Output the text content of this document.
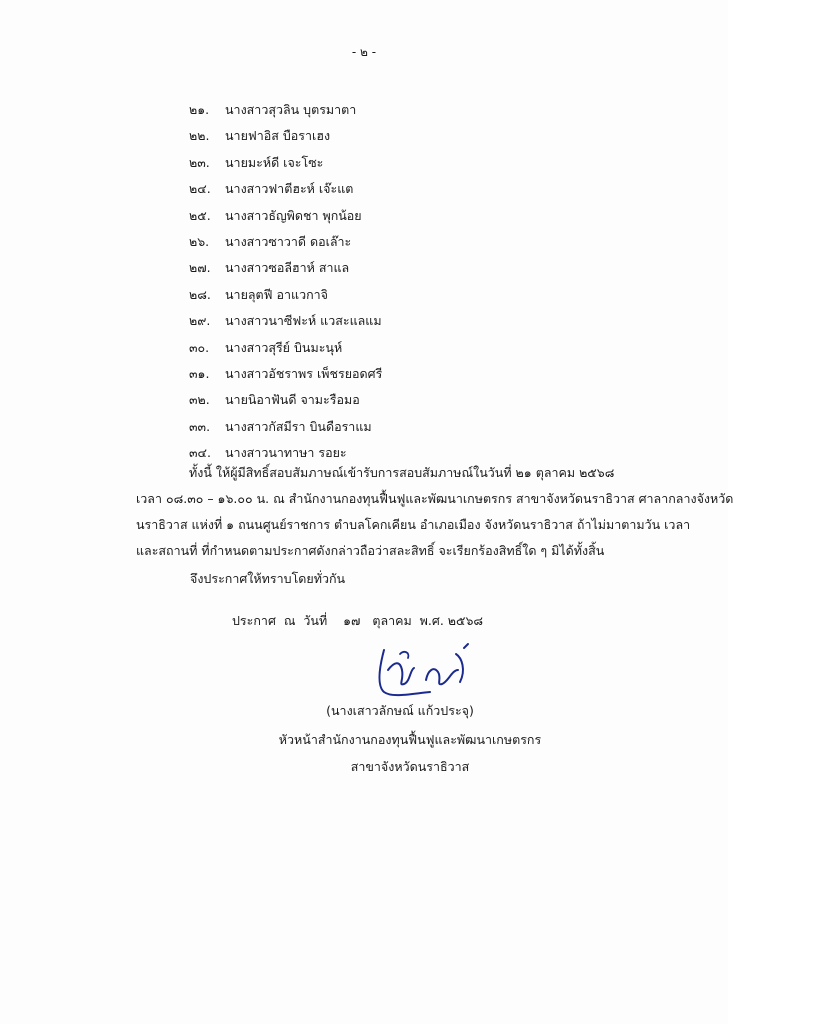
- ๒ -
๒๑. นางสาวสุวลิน บุตรมาตา
๒๒. นายฟาอิส บือราเฮง
๒๓. นายมะห์ดี เจะโซะ
๒๔. นางสาวฟาตีฮะห์ เจ๊ะแต
๒๕. นางสาวธัญพิดชา พุกน้อย
๒๖. นางสาวซาวาดี ดอเล๊าะ
๒๗. นางสาวซอลีฮาห์ สาแล
๒๘. นายลุตฟี อาแวกาจิ
๒๙. นางสาวนาซีฟะห์ แวสะแลแม
๓๐. นางสาวสุรีย์ บินมะนุห์
๓๑. นางสาวอัชราพร เพ็ชรยอดศรี
๓๒. นายนิอาฟันดี จามะรือมอ
๓๓. นางสาวกัสมีรา บินดือราแม
๓๔. นางสาวนาทาษา รอยะ
ทั้งนี้ ให้ผู้มีสิทธิ์สอบสัมภาษณ์เข้ารับการสอบสัมภาษณ์ในวันที่ ๒๑ ตุลาคม ๒๕๖๘
เวลา ๐๘.๓๐ – ๑๖.๐๐ น. ณ สำนักงานกองทุนฟื้นฟูและพัฒนาเกษตรกร สาขาจังหวัดนราธิวาส ศาลากลางจังหวัด
นราธิวาส แห่งที่ ๑ ถนนศูนย์ราชการ ตำบลโคกเคียน อำเภอเมือง จังหวัดนราธิวาส ถ้าไม่มาตามวัน เวลา
และสถานที่ ที่กำหนดตามประกาศดังกล่าวถือว่าสละสิทธิ์ จะเรียกร้องสิทธิ์ใด ๆ มิได้ทั้งสิ้น
จึงประกาศให้ทราบโดยทั่วกัน
ประกาศ  ณ  วันที่    ๑๗   ตุลาคม  พ.ศ. ๒๕๖๘
(นางเสาวลักษณ์ แก้วประจุ)
หัวหน้าสำนักงานกองทุนฟื้นฟูและพัฒนาเกษตรกร
สาขาจังหวัดนราธิวาส
